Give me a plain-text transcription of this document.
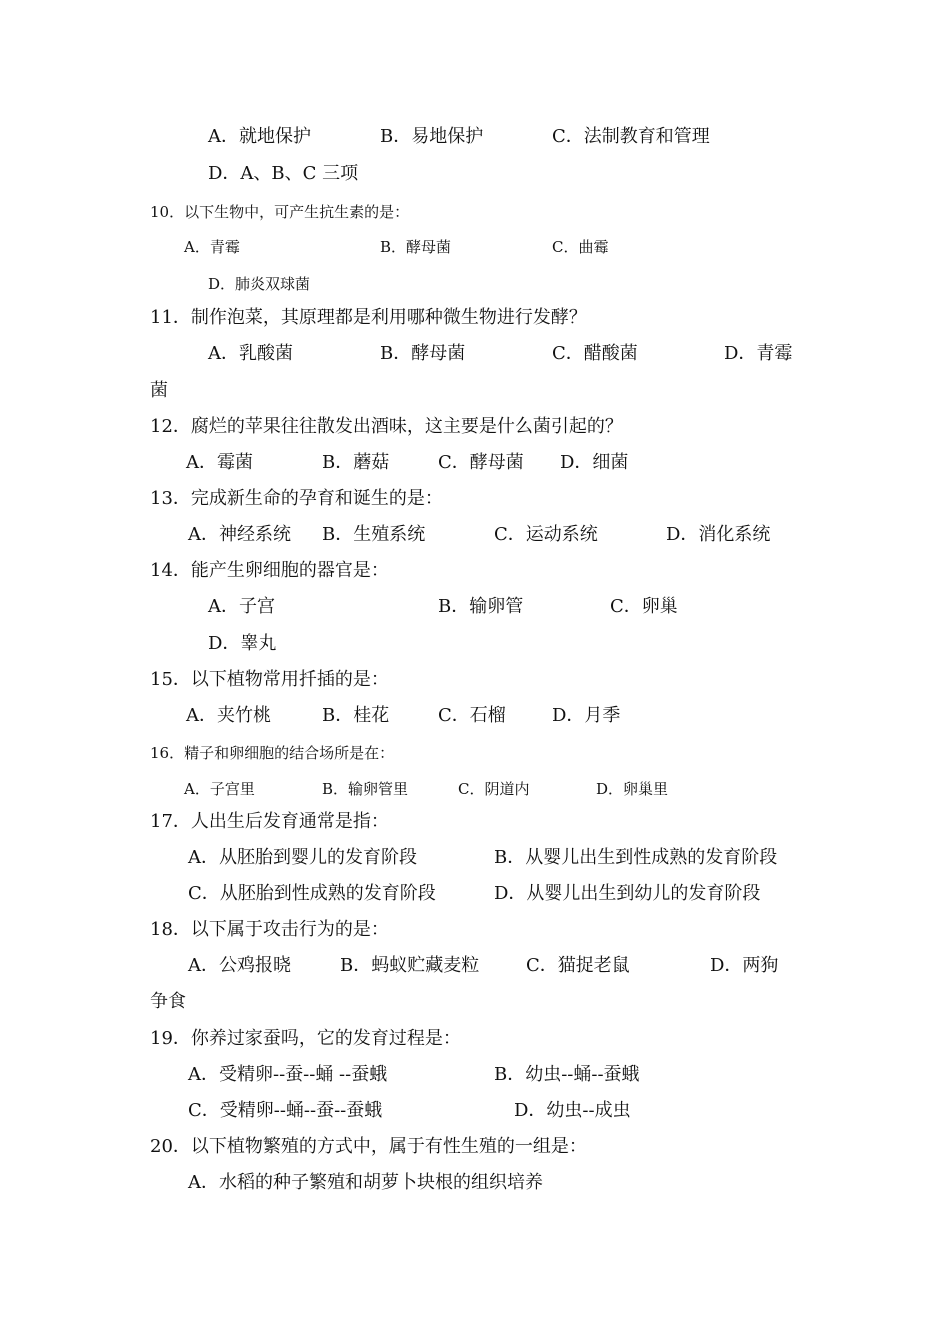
A．就地保护	B．易地保护	C．法制教育和管理
D．A、B、C 三项
10．以下生物中，可产生抗生素的是：
A．青霉	B．酵母菌	C．曲霉
D．肺炎双球菌
11．制作泡菜，其原理都是利用哪种微生物进行发酵？
A．乳酸菌	B．酵母菌	C．醋酸菌	D．青霉
菌
12．腐烂的苹果往往散发出酒味，这主要是什么菌引起的？
A．霉菌	B．蘑菇	C．酵母菌 D．细菌
13．完成新生命的孕育和诞生的是：
A．神经系统 B．生殖系统	C．运动系统	D．消化系统
14．能产生卵细胞的器官是：
A．子宫	B．输卵管	C．卵巢
D．睾丸
15．以下植物常用扦插的是：
A．夹竹桃	B．桂花	C．石榴	D．月季
16．精子和卵细胞的结合场所是在：
A．子宫里	B．输卵管里	C．阴道内	D．卵巢里
17．人出生后发育通常是指：
A．从胚胎到婴儿的发育阶段	B．从婴儿出生到性成熟的发育阶段
C．从胚胎到性成熟的发育阶段	D．从婴儿出生到幼儿的发育阶段
18．以下属于攻击行为的是：
A．公鸡报晓	B．蚂蚁贮藏麦粒	C．猫捉老鼠	D．两狗
争食
19．你养过家蚕吗，它的发育过程是：
A．受精卵--蚕--蛹 --蚕蛾	B．幼虫--蛹--蚕蛾
C．受精卵--蛹--蚕--蚕蛾	D．幼虫--成虫
20．以下植物繁殖的方式中，属于有性生殖的一组是：
A．水稻的种子繁殖和胡萝卜块根的组织培养
